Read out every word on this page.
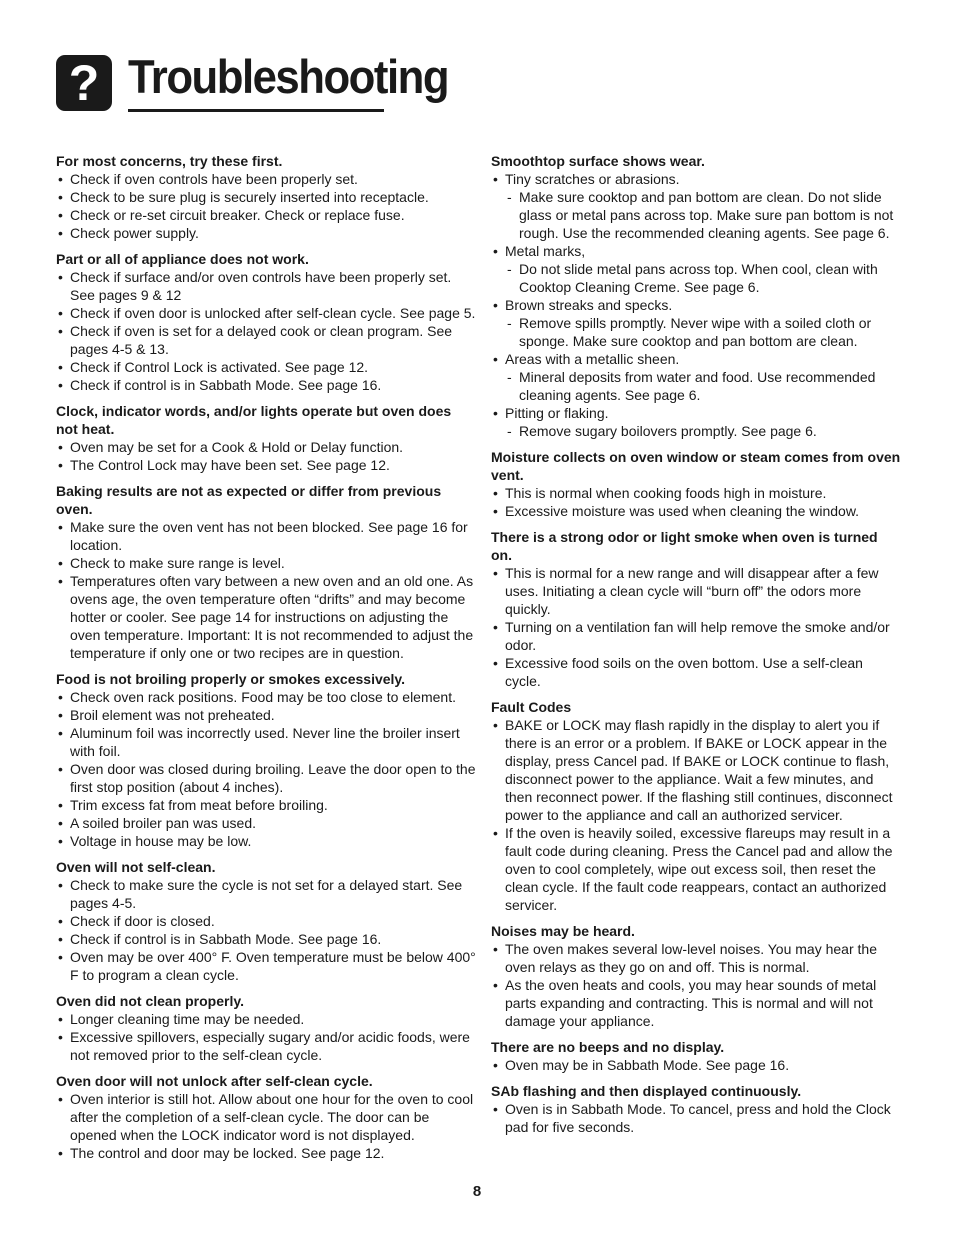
? Troubleshooting
For most concerns, try these first.
• Check if oven controls have been properly set.
• Check to be sure plug is securely inserted into receptacle.
• Check or re-set circuit breaker. Check or replace fuse.
• Check power supply.
Part or all of appliance does not work.
• Check if surface and/or oven controls have been properly set. See pages 9 & 12
• Check if oven door is unlocked after self-clean cycle. See page 5.
• Check if oven is set for a delayed cook or clean program. See pages 4-5 & 13.
• Check if Control Lock is activated. See page 12.
• Check if control is in Sabbath Mode. See page 16.
Clock, indicator words, and/or lights operate but oven does not heat.
• Oven may be set for a Cook & Hold or Delay function.
• The Control Lock may have been set. See page 12.
Baking results are not as expected or differ from previous oven.
• Make sure the oven vent has not been blocked. See page 16 for location.
• Check to make sure range is level.
• Temperatures often vary between a new oven and an old one. As ovens age, the oven temperature often “drifts” and may become hotter or cooler. See page 14 for instructions on adjusting the oven temperature. Important: It is not recommended to adjust the temperature if only one or two recipes are in question.
Food is not broiling properly or smokes excessively.
• Check oven rack positions. Food may be too close to element.
• Broil element was not preheated.
• Aluminum foil was incorrectly used. Never line the broiler insert with foil.
• Oven door was closed during broiling. Leave the door open to the first stop position (about 4 inches).
• Trim excess fat from meat before broiling.
• A soiled broiler pan was used.
• Voltage in house may be low.
Oven will not self-clean.
• Check to make sure the cycle is not set for a delayed start. See pages 4-5.
• Check if door is closed.
• Check if control is in Sabbath Mode. See page 16.
• Oven may be over 400° F. Oven temperature must be below 400° F to program a clean cycle.
Oven did not clean properly.
• Longer cleaning time may be needed.
• Excessive spillovers, especially sugary and/or acidic foods, were not removed prior to the self-clean cycle.
Oven door will not unlock after self-clean cycle.
• Oven interior is still hot. Allow about one hour for the oven to cool after the completion of a self-clean cycle. The door can be opened when the LOCK indicator word is not displayed.
• The control and door may be locked. See page 12.
Smoothtop surface shows wear.
• Tiny scratches or abrasions.
- Make sure cooktop and pan bottom are clean. Do not slide glass or metal pans across top. Make sure pan bottom is not rough. Use the recommended cleaning agents. See page 6.
• Metal marks,
- Do not slide metal pans across top. When cool, clean with Cooktop Cleaning Creme. See page 6.
• Brown streaks and specks.
- Remove spills promptly. Never wipe with a soiled cloth or sponge. Make sure cooktop and pan bottom are clean.
• Areas with a metallic sheen.
- Mineral deposits from water and food. Use recommended cleaning agents. See page 6.
• Pitting or flaking.
- Remove sugary boilovers promptly. See page 6.
Moisture collects on oven window or steam comes from oven vent.
• This is normal when cooking foods high in moisture.
• Excessive moisture was used when cleaning the window.
There is a strong odor or light smoke when oven is turned on.
• This is normal for a new range and will disappear after a few uses. Initiating a clean cycle will “burn off” the odors more quickly.
• Turning on a ventilation fan will help remove the smoke and/or odor.
• Excessive food soils on the oven bottom. Use a self-clean cycle.
Fault Codes
• BAKE or LOCK may flash rapidly in the display to alert you if there is an error or a problem. If BAKE or LOCK appear in the display, press Cancel pad. If BAKE or LOCK continue to flash, disconnect power to the appliance. Wait a few minutes, and then reconnect power. If the flashing still continues, disconnect power to the appliance and call an authorized servicer.
• If the oven is heavily soiled, excessive flareups may result in a fault code during cleaning. Press the Cancel pad and allow the oven to cool completely, wipe out excess soil, then reset the clean cycle. If the fault code reappears, contact an authorized servicer.
Noises may be heard.
• The oven makes several low-level noises. You may hear the oven relays as they go on and off. This is normal.
• As the oven heats and cools, you may hear sounds of metal parts expanding and contracting. This is normal and will not damage your appliance.
There are no beeps and no display.
• Oven may be in Sabbath Mode. See page 16.
SAb flashing and then displayed continuously.
• Oven is in Sabbath Mode. To cancel, press and hold the Clock pad for five seconds.
8
